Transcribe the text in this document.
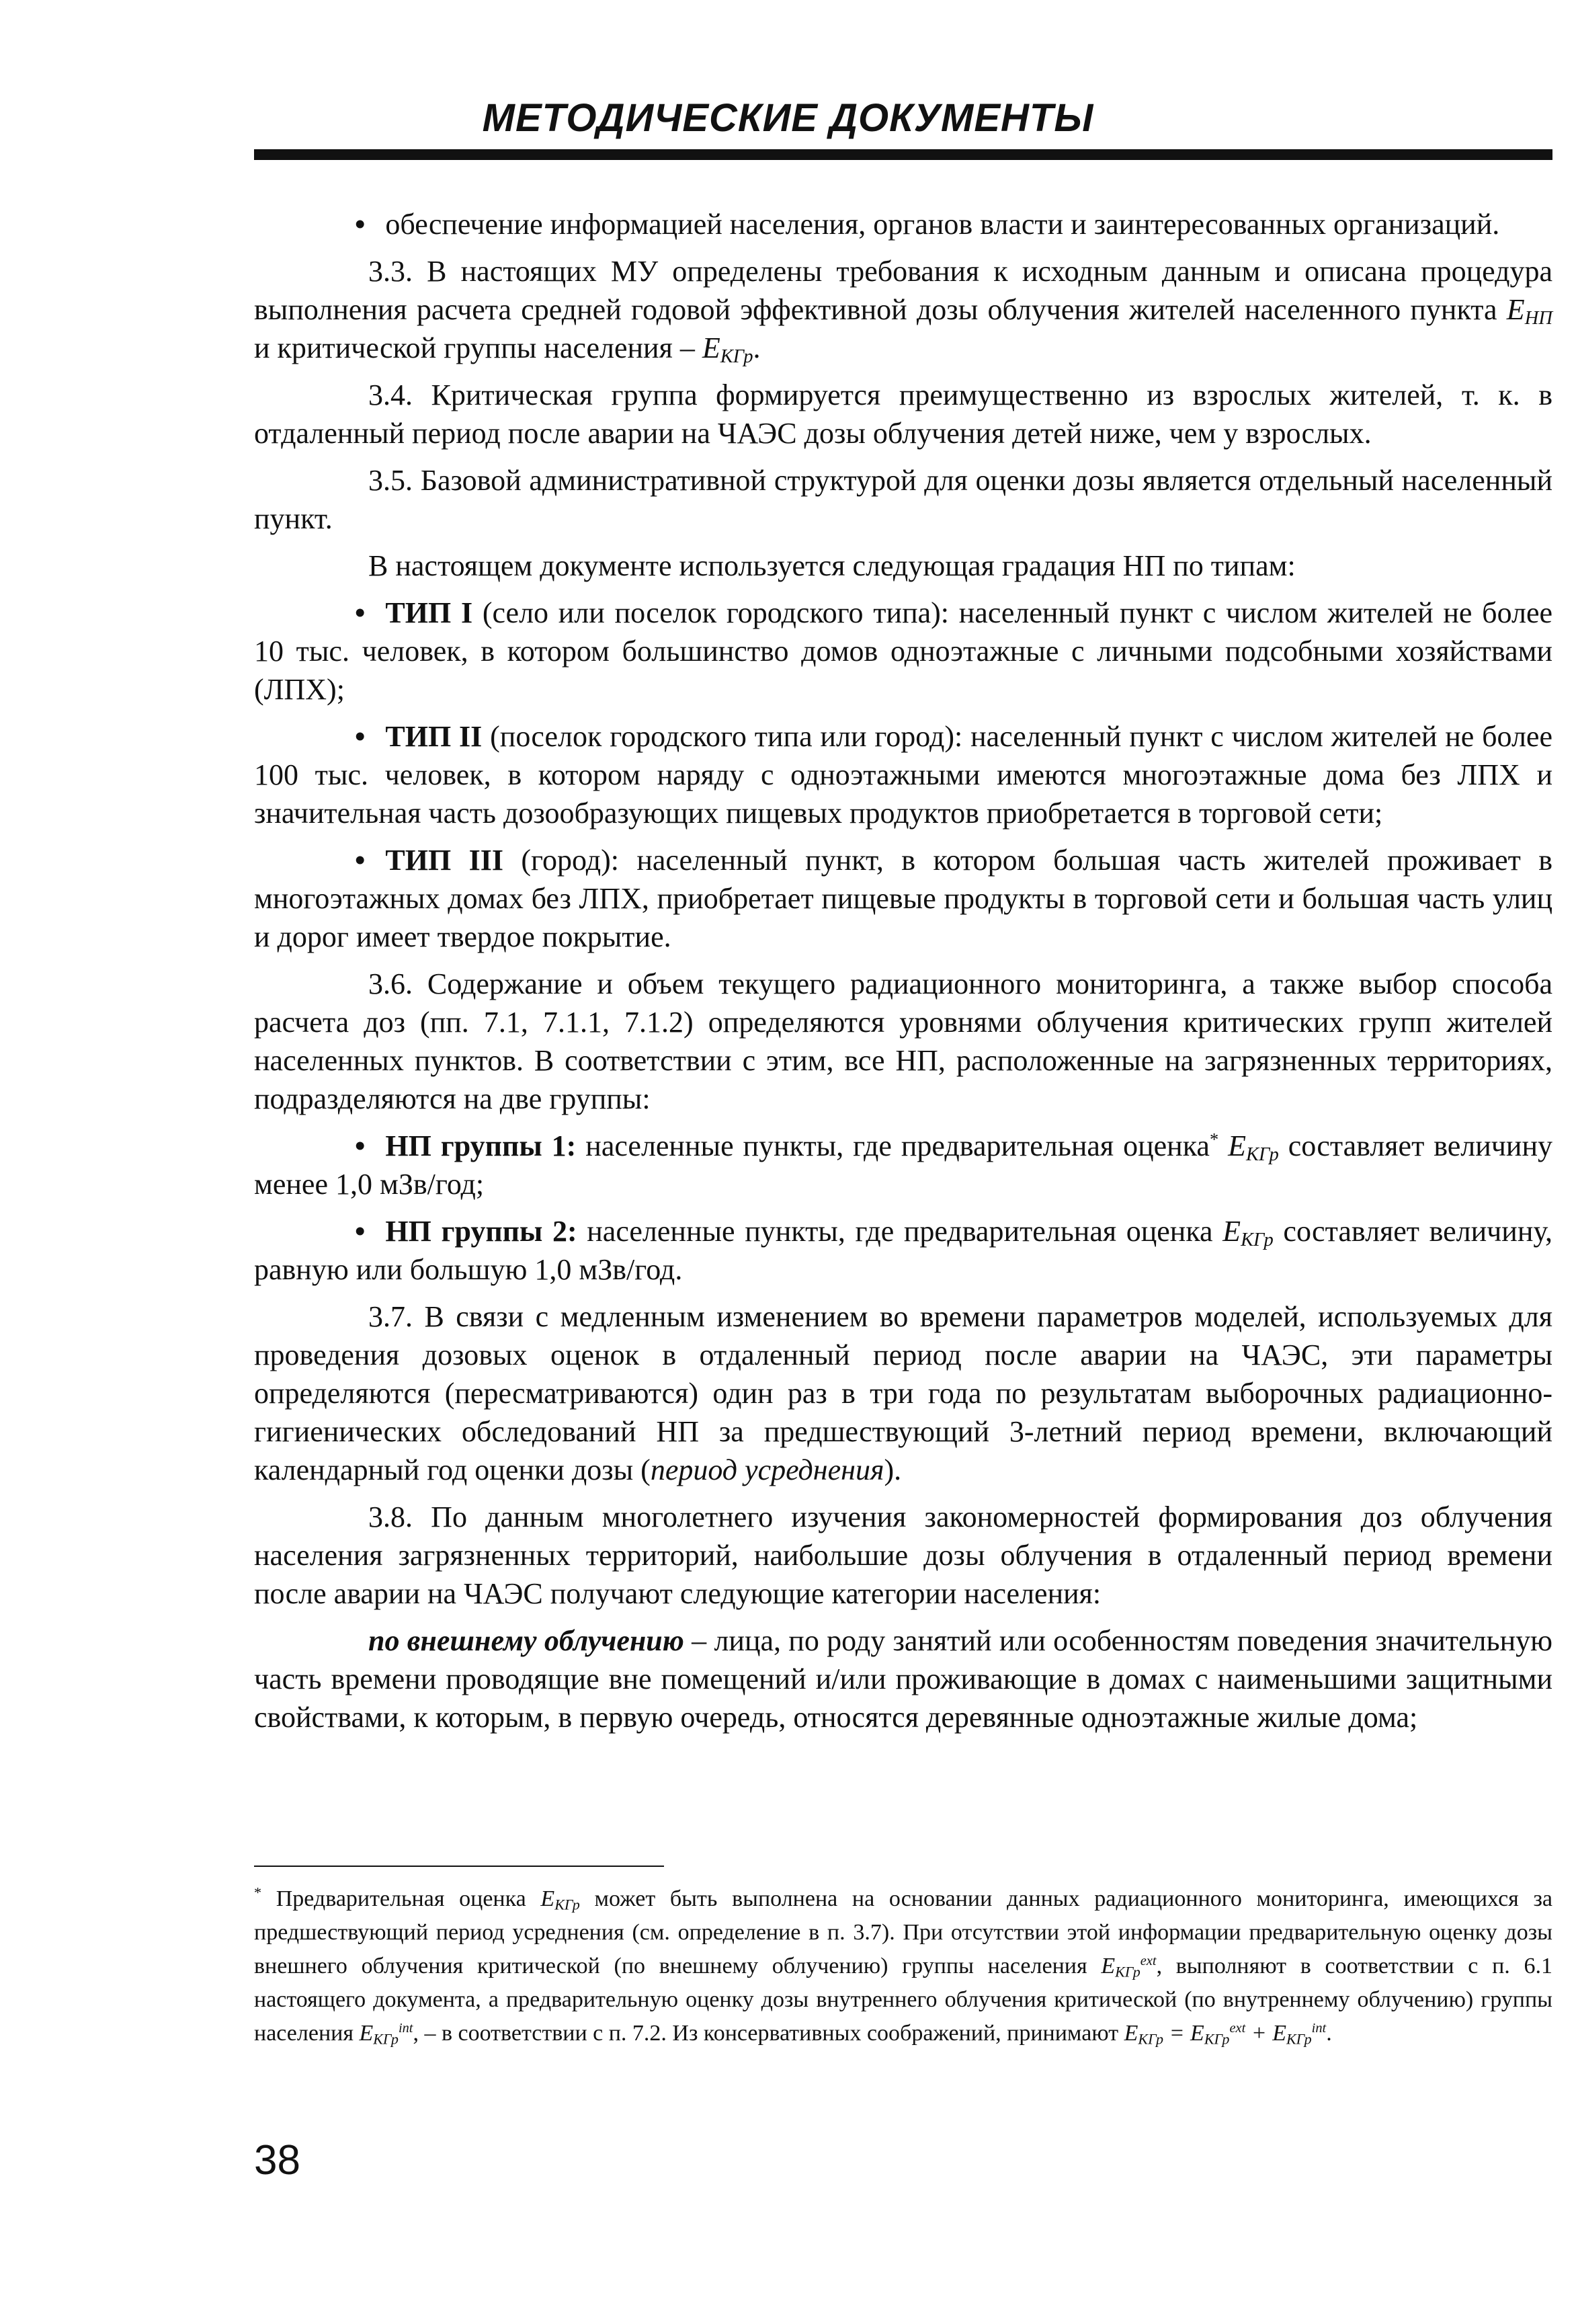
МЕТОДИЧЕСКИЕ ДОКУМЕНТЫ

• обеспечение информацией населения, органов власти и заинтересованных организаций.

3.3. В настоящих МУ определены требования к исходным данным и описана процедура выполнения расчета средней годовой эффективной дозы облучения жителей населенного пункта $E_{НП}$ и критической группы населения – $E_{КГр}$.

3.4. Критическая группа формируется преимущественно из взрослых жителей, т. к. в отдаленный период после аварии на ЧАЭС дозы облучения детей ниже, чем у взрослых.

3.5. Базовой административной структурой для оценки дозы является отдельный населенный пункт.

В настоящем документе используется следующая градация НП по типам:

• ТИП I (село или поселок городского типа): населенный пункт с числом жителей не более 10 тыс. человек, в котором большинство домов одноэтажные с личными подсобными хозяйствами (ЛПХ);

• ТИП II (поселок городского типа или город): населенный пункт с числом жителей не более 100 тыс. человек, в котором наряду с одноэтажными имеются многоэтажные дома без ЛПХ и значительная часть дозообразующих пищевых продуктов приобретается в торговой сети;

• ТИП III (город): населенный пункт, в котором большая часть жителей проживает в многоэтажных домах без ЛПХ, приобретает пищевые продукты в торговой сети и большая часть улиц и дорог имеет твердое покрытие.

3.6. Содержание и объем текущего радиационного мониторинга, а также выбор способа расчета доз (пп. 7.1, 7.1.1, 7.1.2) определяются уровнями облучения критических групп жителей населенных пунктов. В соответствии с этим, все НП, расположенные на загрязненных территориях, подразделяются на две группы:

• НП группы 1: населенные пункты, где предварительная оценка* $E_{КГр}$ составляет величину менее 1,0 мЗв/год;

• НП группы 2: населенные пункты, где предварительная оценка $E_{КГр}$ составляет величину, равную или большую 1,0 мЗв/год.

3.7. В связи с медленным изменением во времени параметров моделей, используемых для проведения дозовых оценок в отдаленный период после аварии на ЧАЭС, эти параметры определяются (пересматриваются) один раз в три года по результатам выборочных радиационно-гигиенических обследований НП за предшествующий 3-летний период времени, включающий календарный год оценки дозы (период усреднения).

3.8. По данным многолетнего изучения закономерностей формирования доз облучения населения загрязненных территорий, наибольшие дозы облучения в отдаленный период времени после аварии на ЧАЭС получают следующие категории населения:

по внешнему облучению – лица, по роду занятий или особенностям поведения значительную часть времени проводящие вне помещений и/или проживающие в домах с наименьшими защитными свойствами, к которым, в первую очередь, относятся деревянные одноэтажные жилые дома;

* Предварительная оценка $E_{КГр}$ может быть выполнена на основании данных радиационного мониторинга, имеющихся за предшествующий период усреднения (см. определение в п. 3.7). При отсутствии этой информации предварительную оценку дозы внешнего облучения критической (по внешнему облучению) группы населения $E_{КГр}^{ext}$, выполняют в соответствии с п. 6.1 настоящего документа, а предварительную оценку дозы внутреннего облучения критической (по внутреннему облучению) группы населения $E_{КГр}^{int}$, – в соответствии с п. 7.2. Из консервативных соображений, принимают $E_{КГр} = E_{КГр}^{ext} + E_{КГр}^{int}$.

38
